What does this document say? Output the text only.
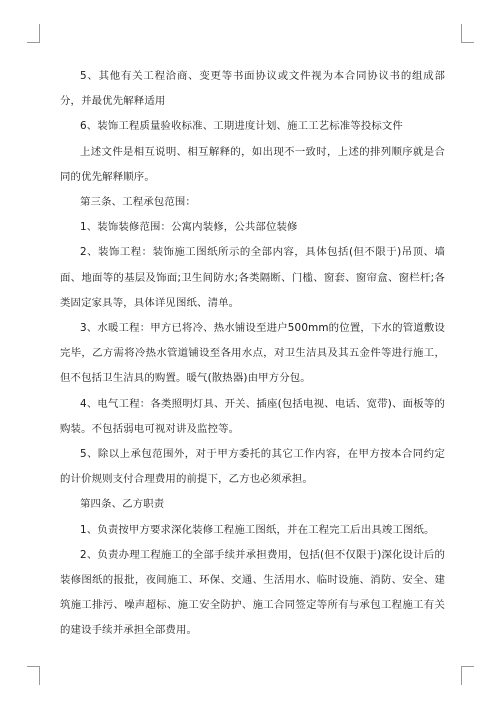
5、其他有关工程洽商、变更等书面协议或文件视为本合同协议书的组成部分，并最优先解释适用

6、装饰工程质量验收标准、工期进度计划、施工工艺标准等投标文件

上述文件是相互说明、相互解释的，如出现不一致时，上述的排列顺序就是合同的优先解释顺序。

第三条、工程承包范围：

1、装饰装修范围：公寓内装修，公共部位装修

2、装饰工程：装饰施工图纸所示的全部内容，具体包括(但不限于)吊顶、墙面、地面等的基层及饰面;卫生间防水;各类隔断、门槛、窗套、窗帘盒、窗栏杆;各类固定家具等，具体详见图纸、清单。

3、水暖工程：甲方已将冷、热水铺设至进户500mm的位置，下水的管道敷设完毕，乙方需将冷热水管道铺设至各用水点，对卫生洁具及其五金件等进行施工，但不包括卫生洁具的购置。暖气(散热器)由甲方分包。

4、电气工程：各类照明灯具、开关、插座(包括电视、电话、宽带)、面板等的购装。不包括弱电可视对讲及监控等。

5、除以上承包范围外，对于甲方委托的其它工作内容，在甲方按本合同约定的计价规则支付合理费用的前提下，乙方也必须承担。

第四条、乙方职责

1、负责按甲方要求深化装修工程施工图纸，并在工程完工后出具竣工图纸。

2、负责办理工程施工的全部手续并承担费用，包括(但不仅限于)深化设计后的装修图纸的报批，夜间施工、环保、交通、生活用水、临时设施、消防、安全、建筑施工排污、噪声超标、施工安全防护、施工合同签定等所有与承包工程施工有关的建设手续并承担全部费用。
